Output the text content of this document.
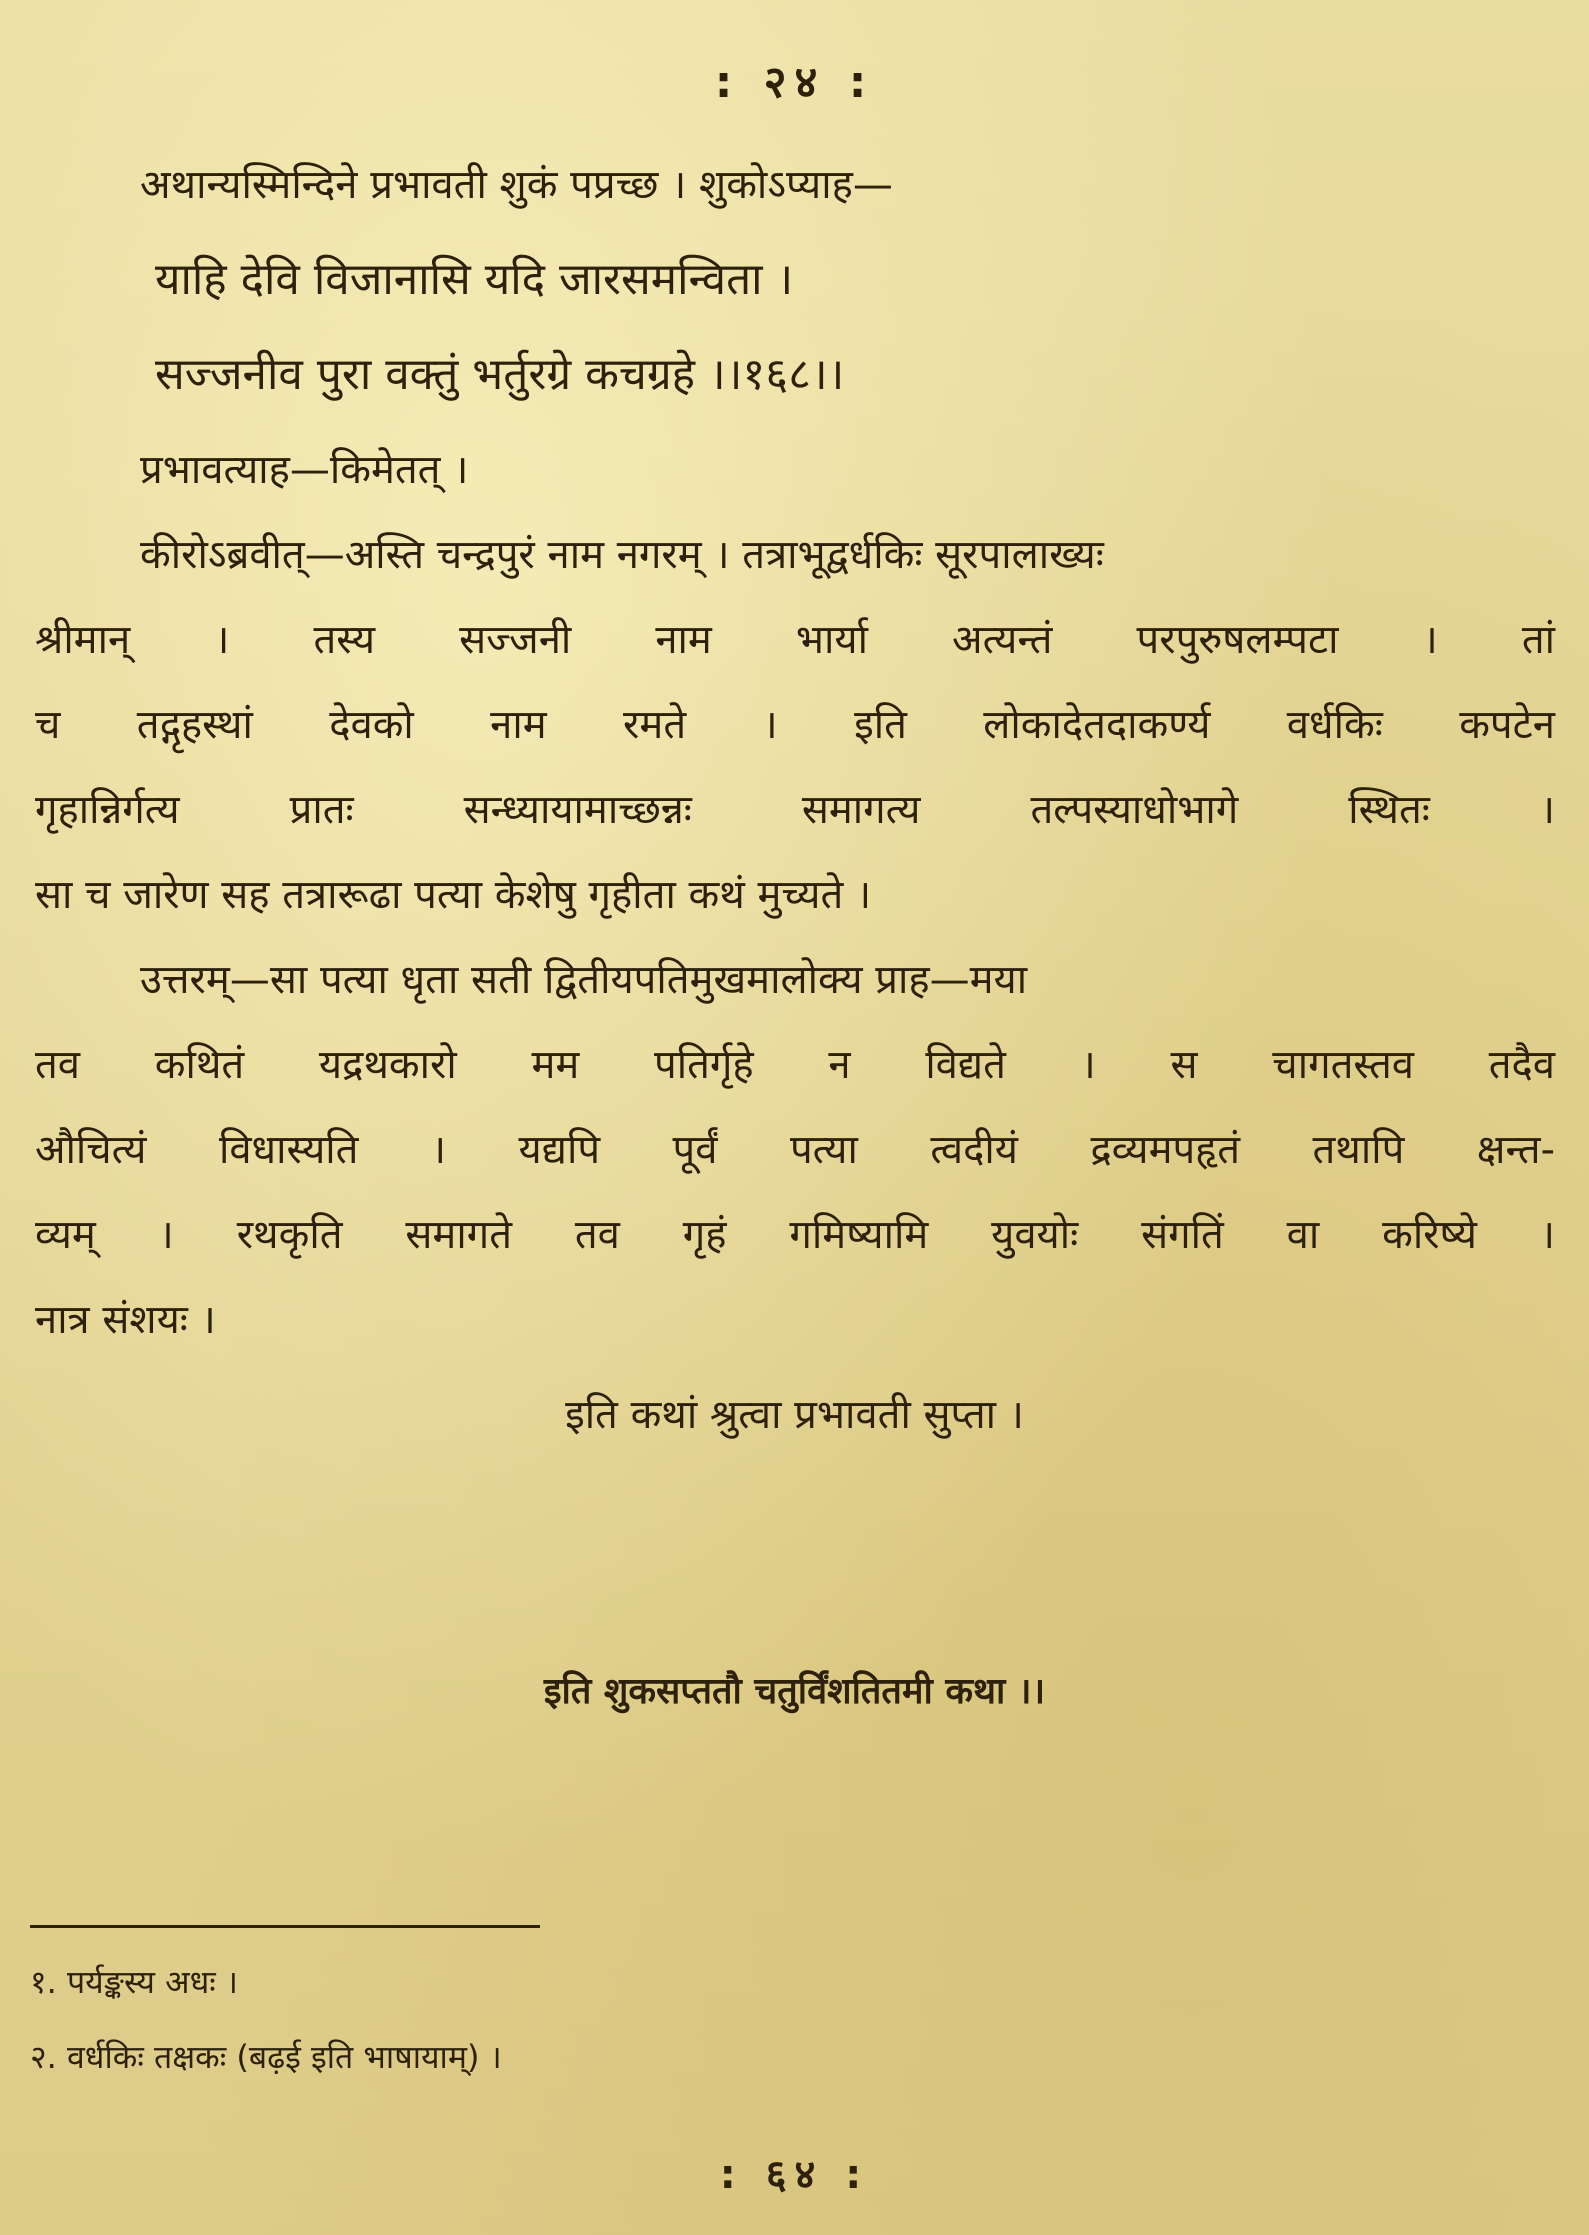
: २४ :
अथान्यस्मिन्दिने प्रभावती शुकं पप्रच्छ । शुकोऽप्याह—
याहि देवि विजानासि यदि जारसमन्विता ।
सज्जनीव पुरा वक्तुं भर्तुरग्रे कचग्रहे ।।१६८।।
प्रभावत्याह—किमेतत् ।
कीरोऽब्रवीत्—अस्ति चन्द्रपुरं नाम नगरम् । तत्राभूद्वर्धकिः सूरपालाख्यः
श्रीमान् । तस्य सज्जनी नाम भार्या अत्यन्तं परपुरुषलम्पटा । तां
च तद्गृहस्थां देवको नाम रमते । इति लोकादेतदाकर्ण्य वर्धकिः कपटेन
गृहान्निर्गत्य प्रातः सन्ध्यायामाच्छन्नः समागत्य तल्पस्याधोभागे स्थितः ।
सा च जारेण सह तत्रारूढा पत्या केशेषु गृहीता कथं मुच्यते ।
उत्तरम्—सा पत्या धृता सती द्वितीयपतिमुखमालोक्य प्राह—मया
तव कथितं यद्रथकारो मम पतिर्गृहे न विद्यते । स चागतस्तव तदैव
औचित्यं विधास्यति । यद्यपि पूर्वं पत्या त्वदीयं द्रव्यमपहृतं तथापि क्षन्त-
व्यम् । रथकृति समागते तव गृहं गमिष्यामि युवयोः संगतिं वा करिष्ये ।
नात्र संशयः ।
इति कथां श्रुत्वा प्रभावती सुप्ता ।
इति शुकसप्ततौ चतुर्विंशतितमी कथा ।।
१. पर्यङ्कस्य अधः ।
२. वर्धकिः तक्षकः (बढ़ई इति भाषायाम्) ।
: ६४ :
